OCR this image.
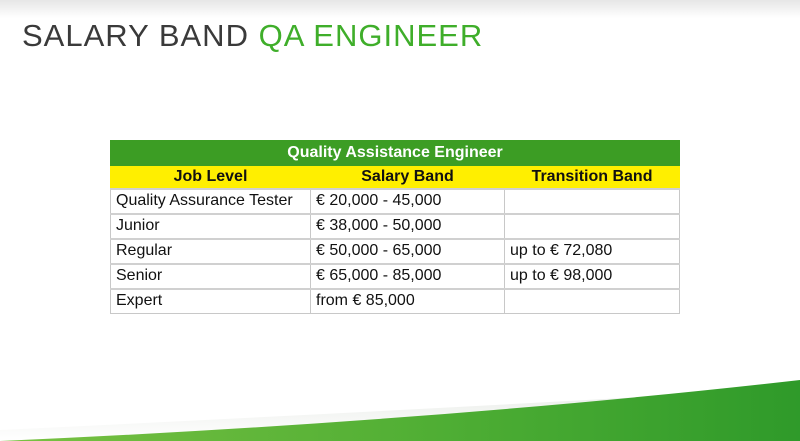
SALARY BAND QA ENGINEER
Quality Assistance Engineer		
Job Level	Salary Band	Transition Band
Quality Assurance Tester	€ 20,000 - 45,000	
Junior	€ 38,000 - 50,000	
Regular	€ 50,000 - 65,000	up to € 72,080
Senior	€ 65,000 - 85,000	up to € 98,000
Expert	from € 85,000	
